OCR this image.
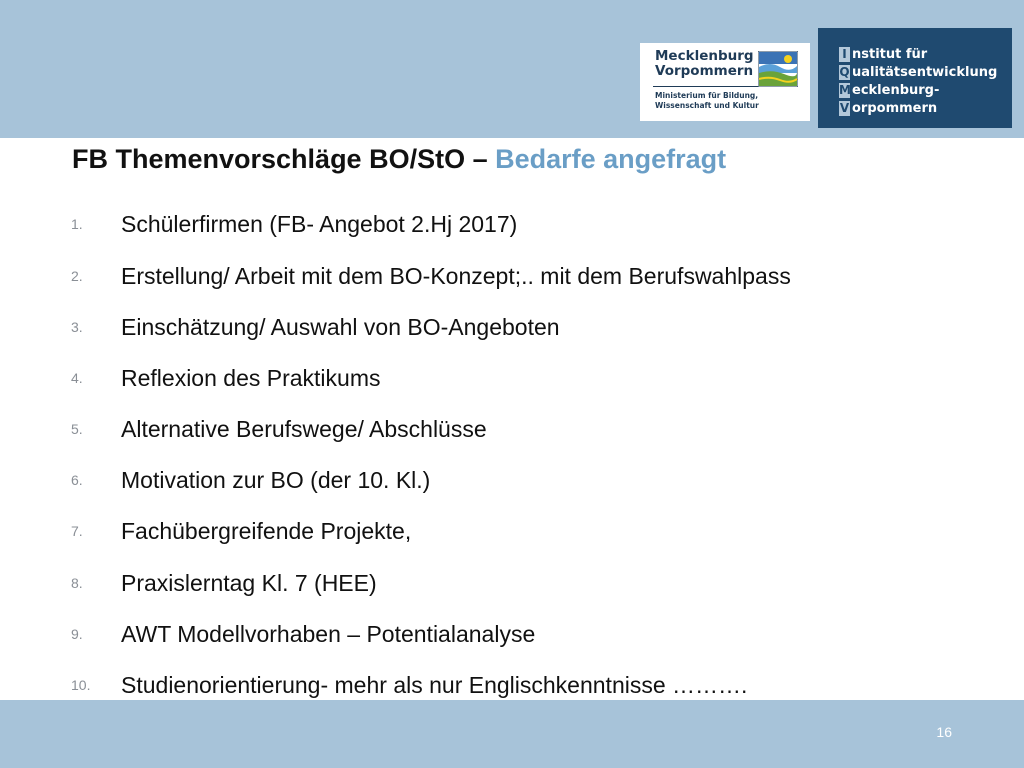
Mecklenburg
Vorpommern
Ministerium für Bildung,
Wissenschaft und Kultur
I nstitut für
Q ualitätsentwicklung
Mecklenburg-
V orpommern
FB Themenvorschläge BO/StO – Bedarfe angefragt
1.	Schülerfirmen (FB- Angebot 2.Hj 2017)
2.	Erstellung/ Arbeit mit dem BO-Konzept;.. mit dem Berufswahlpass
3.	Einschätzung/ Auswahl von BO-Angeboten
4.	Reflexion des Praktikums
5.	Alternative Berufswege/ Abschlüsse
6.	Motivation zur BO (der 10. Kl.)
7.	Fachübergreifende Projekte,
8.	Praxislerntag Kl. 7 (HEE)
9.	AWT Modellvorhaben – Potentialanalyse
10.	Studienorientierung- mehr als nur Englischkenntnisse ……….
16
